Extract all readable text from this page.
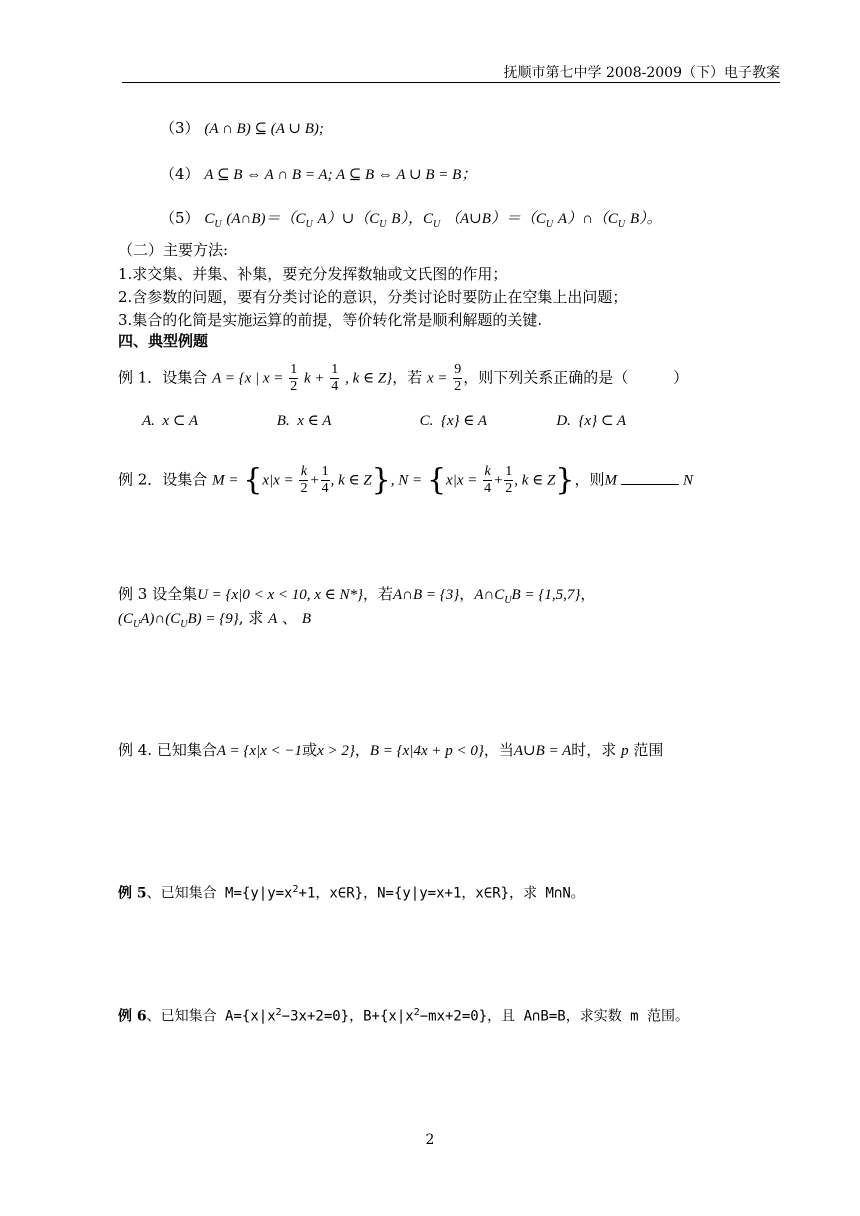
抚顺市第七中学 2008-2009（下）电子教案
（3） (A ∩ B) ⊆ (A ∪ B);
（4） A ⊆ B ⇔ A ∩ B = A; A ⊆ B ⇔ A ∪ B = B；
（5） $C_U$ $(A\cap B)=(C_U$ $A)\cup(C_U$ B），$C_U$ $(A\cup B)=(C_U$ $A)\cap(C_U$ B）。
（二）主要方法:
1.求交集、并集、补集，要充分发挥数轴或文氏图的作用；
2.含参数的问题，要有分类讨论的意识，分类讨论时要防止在空集上出问题；
3.集合的化简是实施运算的前提，等价转化常是顺利解题的关键.
四、典型例题
例 1．设集合 A = {x | $x = \frac{1}{2}$ $k + \frac{1}{4}$ , k ∈ Z}，若 $x = \frac{9}{2}$ ，则下列关系正确的是（　　　）
A. x ⊂ A	B. x ∈ A	C. {x} ∈ A	D. {x} ⊂ A
例 2．设集合 $M = \{x|x = \frac{k}{2} + \frac{1}{4}$ , k ∈ Z}, $N = \{x|x = \frac{k}{4} + \frac{1}{2}$ , k ∈ Z}，则M	N
例 3 设全集U = {x|0 < x < 10, x ∈ N*}，若A∩B = {3}，$A\cap C_UB = \{1,5,7\}$，
$(C_UA)\cap(C_UB) = \{9\}$, 求 A 、 B
例 4. 已知集合A = {x|x < −1或x > 2}，B = {x|4x + p < 0}，当A∪B = A时，求 p 范围
例 5、已知集合 $M=\{y|y=x^2+1$，x∈R}，N={y|y=x+1，x∈R}，求 M∩N。
例 6、已知集合 $A=\{x|x^2-3x+2=0\}$，$B+\{x|x^2-mx+2=0\}$，且 A∩B=B，求实数 m 范围。
2
